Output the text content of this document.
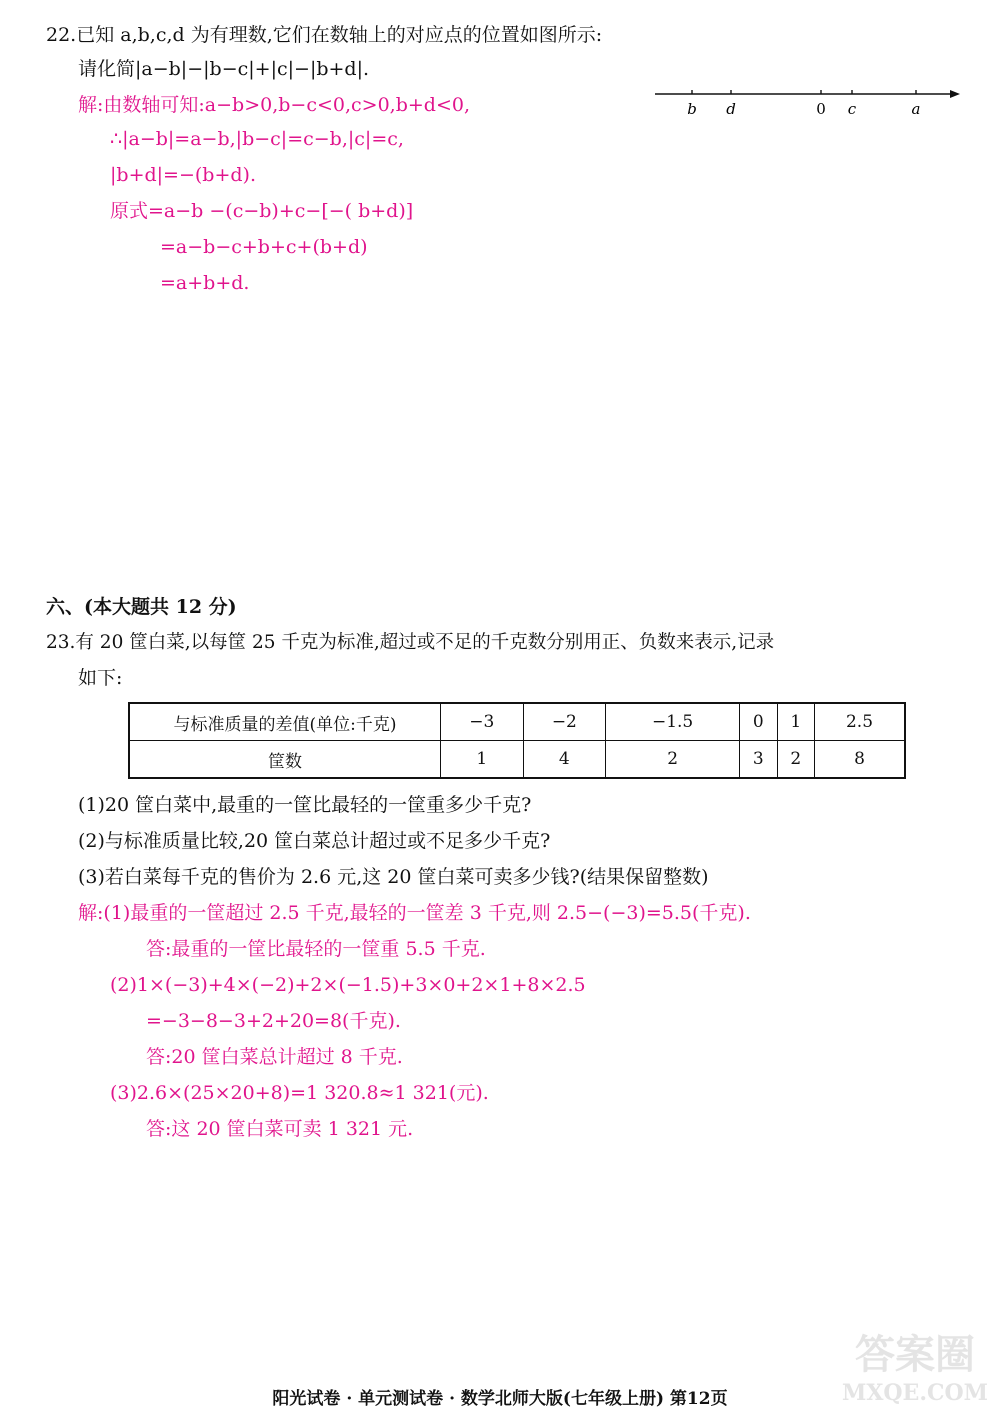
22.已知 a,b,c,d 为有理数,它们在数轴上的对应点的位置如图所示:
请化简|a−b|−|b−c|+|c|−|b+d|.
b d	0 c	a
解:由数轴可知:a−b>0,b−c<0,c>0,b+d<0,
∴|a−b|=a−b,|b−c|=c−b,|c|=c,
|b+d|=−(b+d).
原式=a−b −(c−b)+c−[−( b+d)]
=a−b−c+b+c+(b+d)
=a+b+d.
六、(本大题共 12 分)
23.有 20 筐白菜,以每筐 25 千克为标准,超过或不足的千克数分别用正、负数来表示,记录
如下:
与标准质量的差值(单位:千克)	−3	−2	−1.5	0	1	2.5
筐数	1	4	2	3	2	8
(1)20 筐白菜中,最重的一筐比最轻的一筐重多少千克?
(2)与标准质量比较,20 筐白菜总计超过或不足多少千克?
(3)若白菜每千克的售价为 2.6 元,这 20 筐白菜可卖多少钱?(结果保留整数)
解:(1)最重的一筐超过 2.5 千克,最轻的一筐差 3 千克,则 2.5−(−3)=5.5(千克).
答:最重的一筐比最轻的一筐重 5.5 千克.
(2)1×(−3)+4×(−2)+2×(−1.5)+3×0+2×1+8×2.5
=−3−8−3+2+20=8(千克).
答:20 筐白菜总计超过 8 千克.
(3)2.6×(25×20+8)=1 320.8≈1 321(元).
答:这 20 筐白菜可卖 1 321 元.
答案圈
MXQE.COM
阳光试卷 · 单元测试卷 · 数学北师大版(七年级上册) 第12页
